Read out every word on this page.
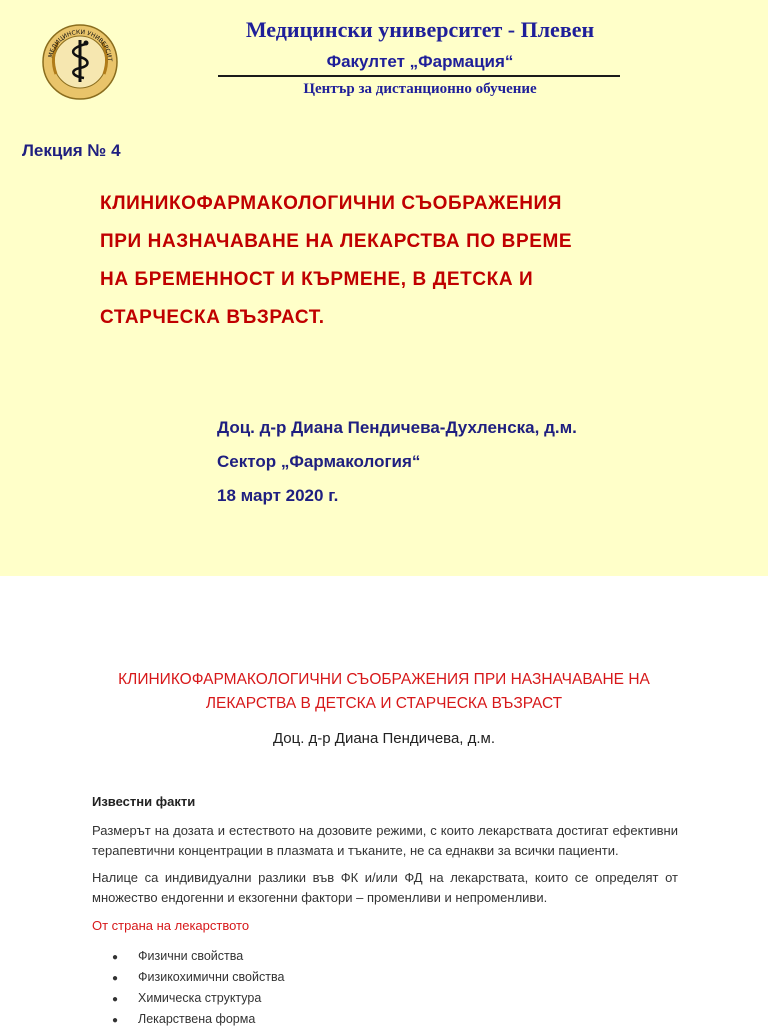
МЕДИЦИНСКИ УНИВЕРСИТ
Медицински университет - Плевен
Факултет „Фармация“
Център за дистанционно обучение
Лекция № 4
КЛИНИКОФАРМАКОЛОГИЧНИ СЪОБРАЖЕНИЯ
ПРИ НАЗНАЧАВАНЕ НА ЛЕКАРСТВА ПО ВРЕМЕ
НА БРЕМЕННОСТ И КЪРМЕНЕ, В ДЕТСКА И
СТАРЧЕСКА ВЪЗРАСТ.
Доц. д-р Диана Пендичева-Духленска, д.м.
Сектор „Фармакология“
18 март 2020 г.
КЛИНИКОФАРМАКОЛОГИЧНИ СЪОБРАЖЕНИЯ ПРИ НАЗНАЧАВАНЕ НА
ЛЕКАРСТВА В ДЕТСКА И СТАРЧЕСКА ВЪЗРАСТ
Доц. д-р Диана Пендичева, д.м.
Известни факти
Размерът на дозата и естеството на дозовите режими, с които лекарствата достигат ефективни терапевтични концентрации в плазмата и тъканите, не са еднакви за всички пациенти.
Налице са индивидуални разлики във ФК и/или ФД на лекарствата, които се определят от множество ендогенни и екзогенни фактори – променливи и непроменливи.
От страна на лекарството
● Физични свойства
● Физикохимични свойства
● Химическа структура
● Лекарствена форма
